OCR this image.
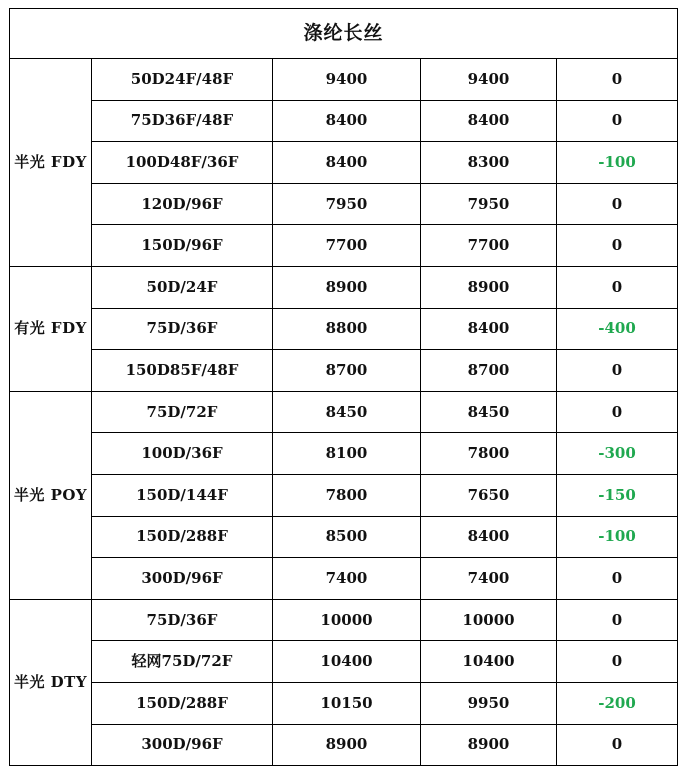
涤纶长丝				
半光 FDY	50D24F/48F	9400	9400	0
	75D36F/48F	8400	8400	0
	100D48F/36F	8400	8300	-100
	120D/96F	7950	7950	0
	150D/96F	7700	7700	0
有光 FDY	50D/24F	8900	8900	0
	75D/36F	8800	8400	-400
	150D85F/48F	8700	8700	0
半光 POY	75D/72F	8450	8450	0
	100D/36F	8100	7800	-300
	150D/144F	7800	7650	-150
	150D/288F	8500	8400	-100
	300D/96F	7400	7400	0
半光 DTY	75D/36F	10000	10000	0
	轻网75D/72F	10400	10400	0
	150D/288F	10150	9950	-200
	300D/96F	8900	8900	0
